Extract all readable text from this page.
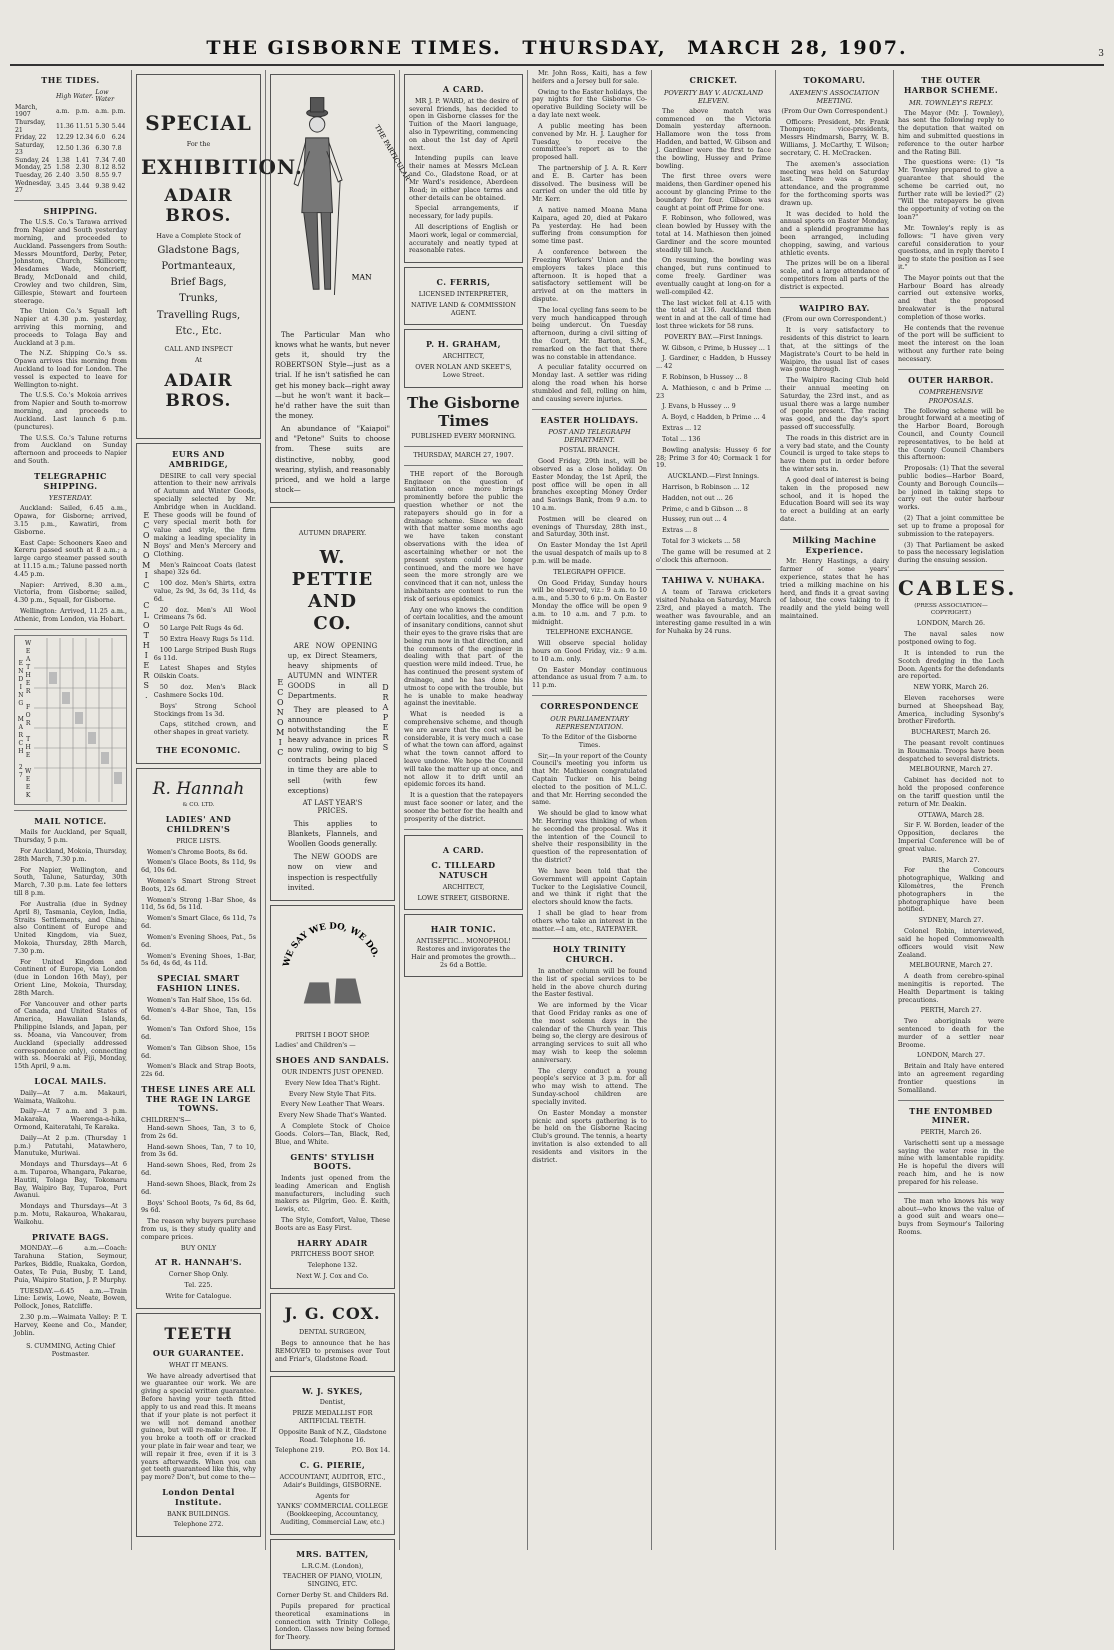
THE GISBORNE TIMES. THURSDAY, MARCH 28, 1907.	3
THE TIDES.
	High Water.		Low Water	
March, 1907	a.m.	p.m.	a.m.	p.m.
Thursday, 21	11.36	11.51	5.30	5.44
Friday, 22	12.29	12.34	6.0	6.24
Saturday, 23	12.50	1.36	6.30	7.8
Sunday, 24	1.38	1.41	7.34	7.40
Monday, 25	1.58	2.30	8.12	8.52
Tuesday, 26	2.40	3.50	8.55	9.7
Wednesday, 27	3.45	3.44	9.38	9.42
SHIPPING.
The U.S.S. Co.'s Tarawa arrived from Napier and South yesterday morning, and proceeded to Auckland. Passengers from South: Messrs Mountford, Derby, Peter, Johnston, Church, Skillicorn; Mesdames Wade, Moncrieff, Brady, McDonald and child, Crowley and two children, Sim, Gillespie, Stewart and fourteen steerage.
The Union Co.'s Squall left Napier at 4.30 p.m. yesterday, arriving this morning, and proceeds to Tolaga Bay and Auckland at 3 p.m.
The N.Z. Shipping Co.'s ss. Opawa arrives this morning from Auckland to load for London. The vessel is expected to leave for Wellington to-night.
The U.S.S. Co.'s Mokoia arrives from Napier and South to-morrow morning, and proceeds to Auckland. Last launch 6 p.m. (punctures).
The U.S.S. Co.'s Talune returns from Auckland on Sunday afternoon and proceeds to Napier and South.
TELEGRAPHIC SHIPPING.
YESTERDAY.
Auckland: Sailed, 6.45 a.m., Opawa, for Gisborne; arrived, 3.15 p.m., Kawatiri, from Gisborne.
East Cape: Schooners Kaeo and Kereru passed south at 8 a.m.; a large cargo steamer passed south at 11.15 a.m.; Talune passed north 4.45 p.m.
Napier: Arrived, 8.30 a.m., Victoria, from Gisborne; sailed, 4.30 p.m., Squall, for Gisborne.
Wellington: Arrived, 11.25 a.m., Athenic, from London, via Hobart.
WEATHER FOR THE WEEK ENDING MARCH 27
MAIL NOTICE.
Mails for Auckland, per Squall, Thursday, 5 p.m.
For Auckland, Mokoia, Thursday, 28th March, 7.30 p.m.
For Napier, Wellington, and South, Talune, Saturday, 30th March, 7.30 p.m. Late fee letters till 8 p.m.
For Australia (due in Sydney April 8), Tasmania, Ceylon, India, Straits Settlements, and China; also Continent of Europe and United Kingdom, via Suez, Mokoia, Thursday, 28th March, 7.30 p.m.
For United Kingdom and Continent of Europe, via London (due in London 16th May), per Orient Line, Mokoia, Thursday, 28th March.
For Vancouver and other parts of Canada, and United States of America, Hawaiian Islands, Philippine Islands, and Japan, per ss. Moana, via Vancouver, from Auckland (specially addressed correspondence only), connecting with ss. Moeraki at Fiji, Monday, 15th April, 9 a.m.
LOCAL MAILS.
Daily—At 7 a.m. Makauri, Waimata, Waikohu.
Daily—At 7 a.m. and 3 p.m. Makaraka, Waerenga-a-hika, Ormond, Kaiteratahi, Te Karaka.
Daily—At 2 p.m. (Thursday 1 p.m.) Patutahi, Matawhero, Manutuke, Muriwai.
Mondays and Thursdays—At 6 a.m. Tuparoa, Whangara, Pakarae, Hautiti, Tolaga Bay, Tokomaru Bay, Waipiro Bay, Tuparoa, Port Awanui.
Mondays and Thursdays—At 3 p.m. Motu, Rakauroa, Whakarau, Waikohu.
PRIVATE BAGS.
MONDAY.—6 a.m.—Coach: Tarahuna Station, Seymour, Parkes, Biddle, Ruakaka, Gordon, Oates, Te Puia, Busby, T. Land, Puia, Waipiro Station, J. P. Murphy.
TUESDAY.—6.45 a.m.—Train Line: Lewis, Lowe, Neate, Bowen, Pollock, Jones, Ratcliffe.
2.30 p.m.—Waimata Valley: P. T. Harvey, Keene and Co., Mander, Joblin.
S. CUMMING, Acting Chief Postmaster.
SPECIAL
For the
EXHIBITION.
ADAIR BROS.
Have a Complete Stock of
Gladstone Bags,
Portmanteaux,
Brief Bags,
Trunks,
Travelling Rugs,
Etc., Etc.
CALL AND INSPECT
At
ADAIR BROS.
EURS AND AMBRIDGE,
ECONOMIC CLOTHIERS.
DESIRE to call very special attention to their new arrivals of Autumn and Winter Goods, specially selected by Mr. Ambridge when in Auckland. These goods will be found of very special merit both for value and style, the firm making a leading speciality in Boys' and Men's Mercery and Clothing.
Men's Raincoat Coats (latest shape) 32s 6d.
100 doz. Men's Shirts, extra value, 2s 9d, 3s 6d, 3s 11d, 4s 6d.
20 doz. Men's All Wool Crimeans 7s 6d.
50 Large Pelt Rugs 4s 6d.
50 Extra Heavy Rugs 5s 11d.
100 Large Striped Bush Rugs 6s 11d.
Latest Shapes and Styles Oilskin Coats.
50 doz. Men's Black Cashmere Socks 10d.
Boys' Strong School Stockings from 1s 3d.
Caps, stitched crown, and other shapes in great variety.
THE ECONOMIC.
R. Hannah
& CO. LTD.
LADIES' AND CHILDREN'S
PRICE LISTS.
Women's Chrome Boots, 8s 6d.
Women's Glace Boots, 8s 11d, 9s 6d, 10s 6d.
Women's Smart Strong Street Boots, 12s 6d.
Women's Strong 1-Bar Shoe, 4s 11d, 5s 6d, 5s 11d.
Women's Smart Glace, 6s 11d, 7s 6d.
Women's Evening Shoes, Pat., 5s 6d.
Women's Evening Shoes, 1-Bar, 5s 6d, 4s 6d, 4s 11d.
SPECIAL SMART FASHION LINES.
Women's Tan Half Shoe, 15s 6d.
Women's 4-Bar Shoe, Tan, 15s 6d.
Women's Tan Oxford Shoe, 15s 6d.
Women's Tan Gibson Shoe, 15s 6d.
Women's Black and Strap Boots, 22s 6d.
THESE LINES ARE ALL THE RAGE IN LARGE TOWNS.
CHILDREN'S—
Hand-sewn Shoes, Tan, 3 to 6, from 2s 6d.
Hand-sewn Shoes, Tan, 7 to 10, from 3s 6d.
Hand-sewn Shoes, Red, from 2s 6d.
Hand-sewn Shoes, Black, from 2s 6d.
Boys' School Boots, 7s 6d, 8s 6d, 9s 6d.
The reason why buyers purchase from us, is they study quality and compare prices.
BUY ONLY
AT R. HANNAH'S.
Corner Shop Only.
Tel. 225.
Write for Catalogue.
TEETH
OUR GUARANTEE.
WHAT IT MEANS.
We have already advertised that we guarantee our work. We are giving a special written guarantee. Before having your teeth fitted apply to us and read this. It means that if your plate is not perfect it we will not demand another guinea, but will re-make it free. If you broke a tooth off or cracked your plate in fair wear and tear, we will repair it free, even if it is 3 years afterwards. When you can get teeth guaranteed like this, why pay more? Don't, but come to the—
London Dental Institute.
BANK BUILDINGS.
Telephone 272.
THE PARTICULAR
MAN
The Particular Man who knows what he wants, but never gets it, should try the ROBERTSON Style—just as a trial. If he isn't satisfied he can get his money back—right away—but he won't want it back—he'd rather have the suit than the money.
An abundance of "Kaiapoi" and "Petone" Suits to choose from. These suits are distinctive, nobby, good wearing, stylish, and reasonably priced, and we hold a large stock—
AUTUMN DRAPERY.
ECONOMIC
W. PETTIE AND CO.
ARE NOW OPENING up, ex Direct Steamers, heavy shipments of AUTUMN and WINTER GOODS in all Departments.
They are pleased to announce notwithstanding the heavy advance in prices now ruling, owing to big contracts being placed in time they are able to sell (with few exceptions)
AT LAST YEAR'S PRICES.
This applies to Blankets, Flannels, and Woollen Goods generally.
The NEW GOODS are now on view and inspection is respectfully invited.
DRAPERS
WE SAY WE DO, WE DO.
PRITSH I BOOT SHOP.
Ladies' and Children's —
SHOES AND SANDALS.
OUR INDENTS JUST OPENED.
Every New Idea That's Right.
Every New Style That Fits.
Every New Leather That Wears.
Every New Shade That's Wanted.
A Complete Stock of Choice Goods. Colors—Tan, Black, Red, Blue, and White.
GENTS' STYLISH BOOTS.
Indents just opened from the leading American and English manufacturers, including such makers as Pilgrim, Geo. E. Keith, Lewis, etc.
The Style, Comfort, Value, These Boots are as Easy First.
HARRY ADAIR
PRITCHESS BOOT SHOP.
Telephone 132.
Next W. J. Cox and Co.
J. G. COX.
DENTAL SURGEON,
Begs to announce that he has REMOVED to premises over Tout and Friar's, Gladstone Road.
W. J. SYKES,
Dentist,
PRIZE MEDALLIST FOR ARTIFICIAL TEETH.
Opposite Bank of N.Z., Gladstone Road. Telephone 16.
Telephone 219.	P.O. Box 14.
C. G. PIERIE,
ACCOUNTANT, AUDITOR, ETC., Adair's Buildings, GISBORNE.
Agents for
YANKS' COMMERCIAL COLLEGE (Bookkeeping, Accountancy, Auditing, Commercial Law, etc.)
MRS. BATTEN,
L.R.C.M. (London),
TEACHER OF PIANO, VIOLIN, SINGING, ETC.
Corner Derby St. and Childers Rd.
Pupils prepared for practical theoretical examinations in connection with Trinity College, London. Classes now being formed for Theory.
A CARD.
MR J. P. WARD, at the desire of several friends, has decided to open in Gisborne classes for the Tuition of the Maori language, also in Typewriting, commencing on about the 1st day of April next.
Intending pupils can leave their names at Messrs McLean and Co., Gladstone Road, or at Mr Ward's residence, Aberdeen Road; in either place terms and other details can be obtained.
Special arrangements, if necessary, for lady pupils.
All descriptions of English or Maori work, legal or commercial, accurately and neatly typed at reasonable rates.
C. FERRIS,
LICENSED INTERPRETER,
NATIVE LAND & COMMISSION AGENT.
P. H. GRAHAM,
ARCHITECT,
OVER NOLAN AND SKEET'S, Lowe Street.
The Gisborne Times
PUBLISHED EVERY MORNING.
THURSDAY, MARCH 27, 1907.
THE report of the Borough Engineer on the question of sanitation once more brings prominently before the public the question whether or not the ratepayers should go in for a drainage scheme. Since we dealt with that matter some months ago we have taken constant observations with the idea of ascertaining whether or not the present system could be longer continued, and the more we have seen the more strongly are we convinced that it can not, unless the inhabitants are content to run the risk of serious epidemics.
Any one who knows the condition of certain localities, and the amount of insanitary conditions, cannot shut their eyes to the grave risks that are being run now in that direction, and the comments of the engineer in dealing with that part of the question were mild indeed. True, he has continued the present system of drainage, and he has done his utmost to cope with the trouble, but he is unable to make headway against the inevitable.
What is needed is a comprehensive scheme, and though we are aware that the cost will be considerable, it is very much a case of what the town can afford, against what the town cannot afford to leave undone. We hope the Council will take the matter up at once, and not allow it to drift until an epidemic forces its hand.
It is a question that the ratepayers must face sooner or later, and the sooner the better for the health and prosperity of the district.
A CARD.
C. TILLEARD NATUSCH
ARCHITECT,
LOWE STREET, GISBORNE.
HAIR TONIC.
ANTISEPTIC... MONOPHOL! Restores and invigorates the Hair and promotes the growth... 2s 6d a Bottle.
Mr. John Ross, Kaiti, has a few heifers and a Jersey bull for sale.
Owing to the Easter holidays, the pay nights for the Gisborne Co-operative Building Society will be a day late next week.
A public meeting has been convened by Mr. H. J. Laugher for Tuesday, to receive the committee's report as to the proposed hall.
The partnership of J. A. R. Kerr and E. B. Carter has been dissolved. The business will be carried on under the old title by Mr. Kerr.
A native named Moana Mana Kaipara, aged 20, died at Pakaro Pa yesterday. He had been suffering from consumption for some time past.
A conference between the Freezing Workers' Union and the employers takes place this afternoon. It is hoped that a satisfactory settlement will be arrived at on the matters in dispute.
The local cycling fans seem to be very much handicapped through being undercut. On Tuesday afternoon, during a civil sitting of the Court, Mr. Barton, S.M., remarked on the fact that there was no constable in attendance.
A peculiar fatality occurred on Monday last. A settler was riding along the road when his horse stumbled and fell, rolling on him, and causing severe injuries.
EASTER HOLIDAYS.
POST AND TELEGRAPH DEPARTMENT.
POSTAL BRANCH.
Good Friday, 29th inst., will be observed as a close holiday. On Easter Monday, the 1st April, the post office will be open in all branches excepting Money Order and Savings Bank, from 9 a.m. to 10 a.m.
Postmen will be cleared on evenings of Thursday, 28th inst., and Saturday, 30th inst.
On Easter Monday the 1st April the usual despatch of mails up to 8 p.m. will be made.
TELEGRAPH OFFICE.
On Good Friday, Sunday hours will be observed, viz.: 9 a.m. to 10 a.m., and 5.30 to 6 p.m. On Easter Monday the office will be open 9 a.m. to 10 a.m. and 7 p.m. to midnight.
TELEPHONE EXCHANGE.
Will observe special holiday hours on Good Friday, viz.: 9 a.m. to 10 a.m. only.
On Easter Monday continuous attendance as usual from 7 a.m. to 11 p.m.
CORRESPONDENCE
OUR PARLIAMENTARY REPRESENTATION.
To the Editor of the Gisborne Times.
Sir,—In your report of the County Council's meeting you inform us that Mr. Mathieson congratulated Captain Tucker on his being elected to the position of M.L.C. and that Mr. Herring seconded the same.
We should be glad to know what Mr. Herring was thinking of when he seconded the proposal. Was it the intention of the Council to shelve their responsibility in the question of the representation of the district?
We have been told that the Government will appoint Captain Tucker to the Legislative Council, and we think it right that the electors should know the facts.
I shall be glad to hear from others who take an interest in the matter.—I am, etc., RATEPAYER.
HOLY TRINITY CHURCH.
In another column will be found the list of special services to be held in the above church during the Easter festival.
We are informed by the Vicar that Good Friday ranks as one of the most solemn days in the calendar of the Church year. This being so, the clergy are desirous of arranging services to suit all who may wish to keep the solemn anniversary.
The clergy conduct a young people's service at 3 p.m. for all who may wish to attend. The Sunday-school children are specially invited.
On Easter Monday a monster picnic and sports gathering is to be held on the Gisborne Racing Club's ground. The tennis, a hearty invitation is also extended to all residents and visitors in the district.
CRICKET.
POVERTY BAY V. AUCKLAND ELEVEN.
The above match was commenced on the Victoria Domain yesterday afternoon. Hallamore won the toss from Hadden, and batted, W. Gibson and J. Gardiner were the first to face the bowling, Hussey and Prime bowling.
The first three overs were maidens, then Gardiner opened his account by glancing Prime to the boundary for four. Gibson was caught at point off Prime for one.
F. Robinson, who followed, was clean bowled by Hussey with the total at 14. Mathieson then joined Gardiner and the score mounted steadily till lunch.
On resuming, the bowling was changed, but runs continued to come freely. Gardiner was eventually caught at long-on for a well-compiled 42.
The last wicket fell at 4.15 with the total at 136. Auckland then went in and at the call of time had lost three wickets for 58 runs.
POVERTY BAY.—First Innings.
W. Gibson, c Prime, b Hussey ... 1
J. Gardiner, c Hadden, b Hussey ... 42
F. Robinson, b Hussey ... 8
A. Mathieson, c and b Prime ... 23
J. Evans, b Hussey ... 9
A. Boyd, c Hadden, b Prime ... 4
Extras ... 12
Total ... 136
Bowling analysis: Hussey 6 for 28; Prime 3 for 40; Cormack 1 for 19.
AUCKLAND.—First Innings.
Harrison, b Robinson ... 12
Hadden, not out ... 26
Prime, c and b Gibson ... 8
Hussey, run out ... 4
Extras ... 8
Total for 3 wickets ... 58
The game will be resumed at 2 o'clock this afternoon.
TAHIWA V. NUHAKA.
A team of Tarawa cricketers visited Nuhaka on Saturday, March 23rd, and played a match. The weather was favourable, and an interesting game resulted in a win for Nuhaka by 24 runs.
TOKOMARU.
AXEMEN'S ASSOCIATION MEETING.
(From Our Own Correspondent.)
Officers: President, Mr. Frank Thompson; vice-presidents, Messrs Hindmarsh, Barry, W. B. Williams, J. McCarthy, T. Wilson; secretary, C. H. McCracken.
The axemen's association meeting was held on Saturday last. There was a good attendance, and the programme for the forthcoming sports was drawn up.
It was decided to hold the annual sports on Easter Monday, and a splendid programme has been arranged, including chopping, sawing, and various athletic events.
The prizes will be on a liberal scale, and a large attendance of competitors from all parts of the district is expected.
WAIPIRO BAY.
(From our own Correspondent.)
It is very satisfactory to residents of this district to learn that, at the sittings of the Magistrate's Court to be held in Waipiro, the usual list of cases was gone through.
The Waipiro Racing Club held their annual meeting on Saturday, the 23rd inst., and as usual there was a large number of people present. The racing was good, and the day's sport passed off successfully.
The roads in this district are in a very bad state, and the County Council is urged to take steps to have them put in order before the winter sets in.
A good deal of interest is being taken in the proposed new school, and it is hoped the Education Board will see its way to erect a building at an early date.
Milking Machine Experience.
Mr. Henry Hastings, a dairy farmer of some years' experience, states that he has tried a milking machine on his herd, and finds it a great saving of labour, the cows taking to it readily and the yield being well maintained.
THE OUTER HARBOR SCHEME.
MR. TOWNLEY'S REPLY.
The Mayor (Mr. J. Townley), has sent the following reply to the deputation that waited on him and submitted questions in reference to the outer harbor and the Rating Bill.
The questions were: (1) "Is Mr. Townley prepared to give a guarantee that should the scheme be carried out, no further rate will be levied?" (2) "Will the ratepayers be given the opportunity of voting on the loan?"
Mr. Townley's reply is as follows: "I have given very careful consideration to your questions, and in reply thereto I beg to state the position as I see it."
The Mayor points out that the Harbour Board has already carried out extensive works, and that the proposed breakwater is the natural completion of those works.
He contends that the revenue of the port will be sufficient to meet the interest on the loan without any further rate being necessary.
OUTER HARBOR.
COMPREHENSIVE PROPOSALS.
The following scheme will be brought forward at a meeting of the Harbor Board, Borough Council, and County Council representatives, to be held at the County Council Chambers this afternoon:
Proposals: (1) That the several public bodies—Harbor Board, County and Borough Councils—be joined in taking steps to carry out the outer harbour works.
(2) That a joint committee be set up to frame a proposal for submission to the ratepayers.
(3) That Parliament be asked to pass the necessary legislation during the ensuing session.
CABLES.
(PRESS ASSOCIATION—COPYRIGHT.)
LONDON, March 26.
The naval sales now postponed owing to fog.
It is intended to run the Scotch dredging in the Loch Doon. Agents for the defendants are reported.
NEW YORK, March 26.
Eleven racehorses were burned at Sheepshead Bay, America, including Sysonby's brother Fireforth.
BUCHAREST, March 26.
The peasant revolt continues in Roumania. Troops have been despatched to several districts.
MELBOURNE, March 27.
Cabinet has decided not to hold the proposed conference on the tariff question until the return of Mr. Deakin.
OTTAWA, March 28.
Sir F. W. Borden, leader of the Opposition, declares the Imperial Conference will be of great value.
PARIS, March 27.
For the Concours photographique, Walking and Kilomètres, the French photographers in the photographique have been notified.
SYDNEY, March 27.
Colonel Robin, interviewed, said he hoped Commonwealth officers would visit New Zealand.
MELBOURNE, March 27.
A death from cerebro-spinal meningitis is reported. The Health Department is taking precautions.
PERTH, March 27.
Two aboriginals were sentenced to death for the murder of a settler near Broome.
LONDON, March 27.
Britain and Italy have entered into an agreement regarding frontier questions in Somaliland.
THE ENTOMBED MINER.
PERTH, March 26.
Varischetti sent up a message saying the water rose in the mine with lamentable rapidity. He is hopeful the divers will reach him, and he is now prepared for his release.
The man who knows his way about—who knows the value of a good suit and wears one—buys from Seymour's Tailoring Rooms.
